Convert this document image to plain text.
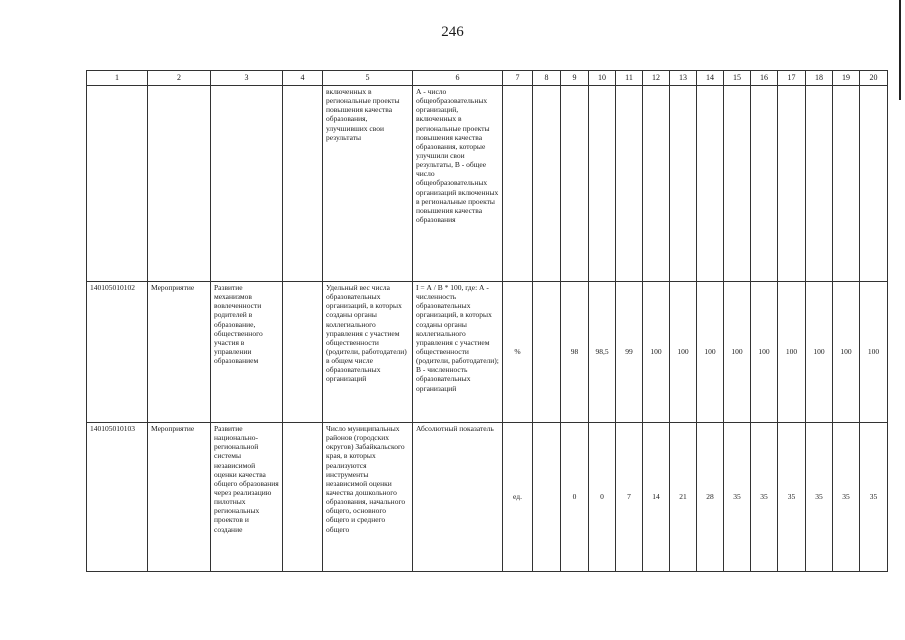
246
1	2	3	4	5	6	7	8	9	10	11	12	13	14	15	16	17	18	19	20
				включенных в региональные проекты повышения качества образования, улучшивших свои результаты	А - число общеобразовательных организаций, включенных в региональные проекты повышения качества образования, которые улучшили свои результаты, В - общее число общеобразовательных организаций включенных в региональные проекты повышения качества образования														
140105010102	Мероприятие	Развитие механизмов вовлеченности родителей в образование, общественного участия в управлении образованием		Удельный вес числа образовательных организаций, в которых созданы органы коллегиального управления с участием общественности (родители, работодатели) в общем числе образовательных организаций	I = А / В * 100, где: А - численность образовательных организаций, в которых созданы органы коллегиального управления с участием общественности (родители, работодатели); В - численность образовательных организаций	%		98	98,5	99	100	100	100	100	100	100	100	100	100
140105010103	Мероприятие	Развитие национально-региональной системы независимой оценки качества общего образования через реализацию пилотных региональных проектов и создание		Число муниципальных районов (городских округов) Забайкальского края, в которых реализуются инструменты независимой оценки качества дошкольного образования, начального общего, основного общего и среднего общего	Абсолютный показатель	ед.		0	0	7	14	21	28	35	35	35	35	35	35
